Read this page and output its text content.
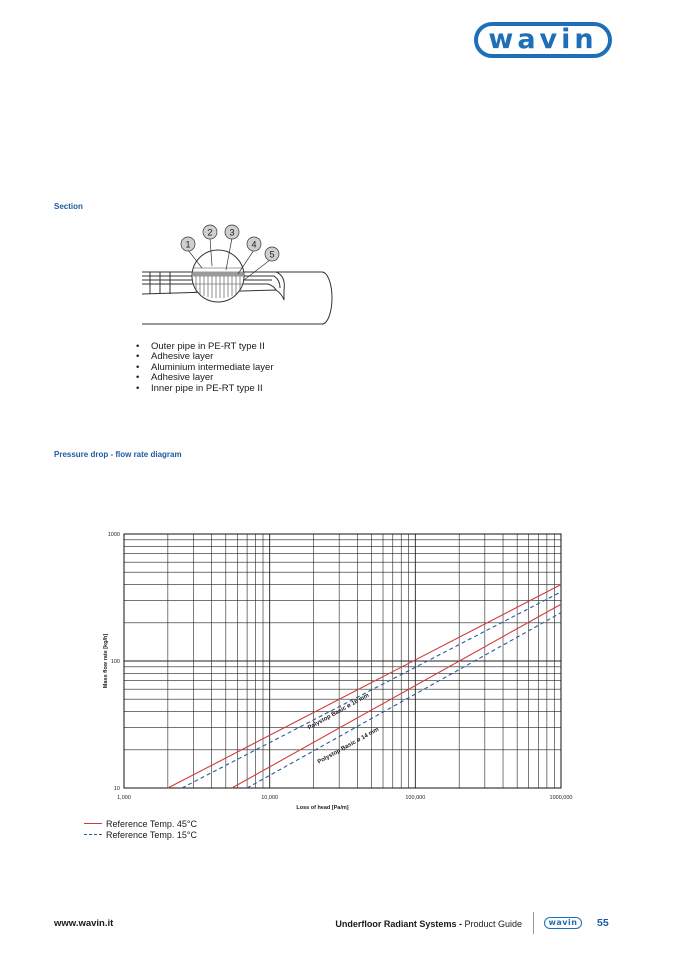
wavin
Section
1
2 3
4
5
• Outer pipe in PE-RT type II
• Adhesive layer
• Aluminium intermediate layer
• Adhesive layer
• Inner pipe in PE-RT type II
Pressure drop - flow rate diagram
1,000	10,000	100,000	1000,000
10
100
1000
Loss of head [Pa/m]
Mass flow rate [kg/h]
Polystop Basic ø 16 mm
Polystop Basic ø 14 mm
Reference Temp. 45°C
Reference Temp. 15°C
www.wavin.it	Underfloor Radiant Systems - Product Guide	wavin 55
